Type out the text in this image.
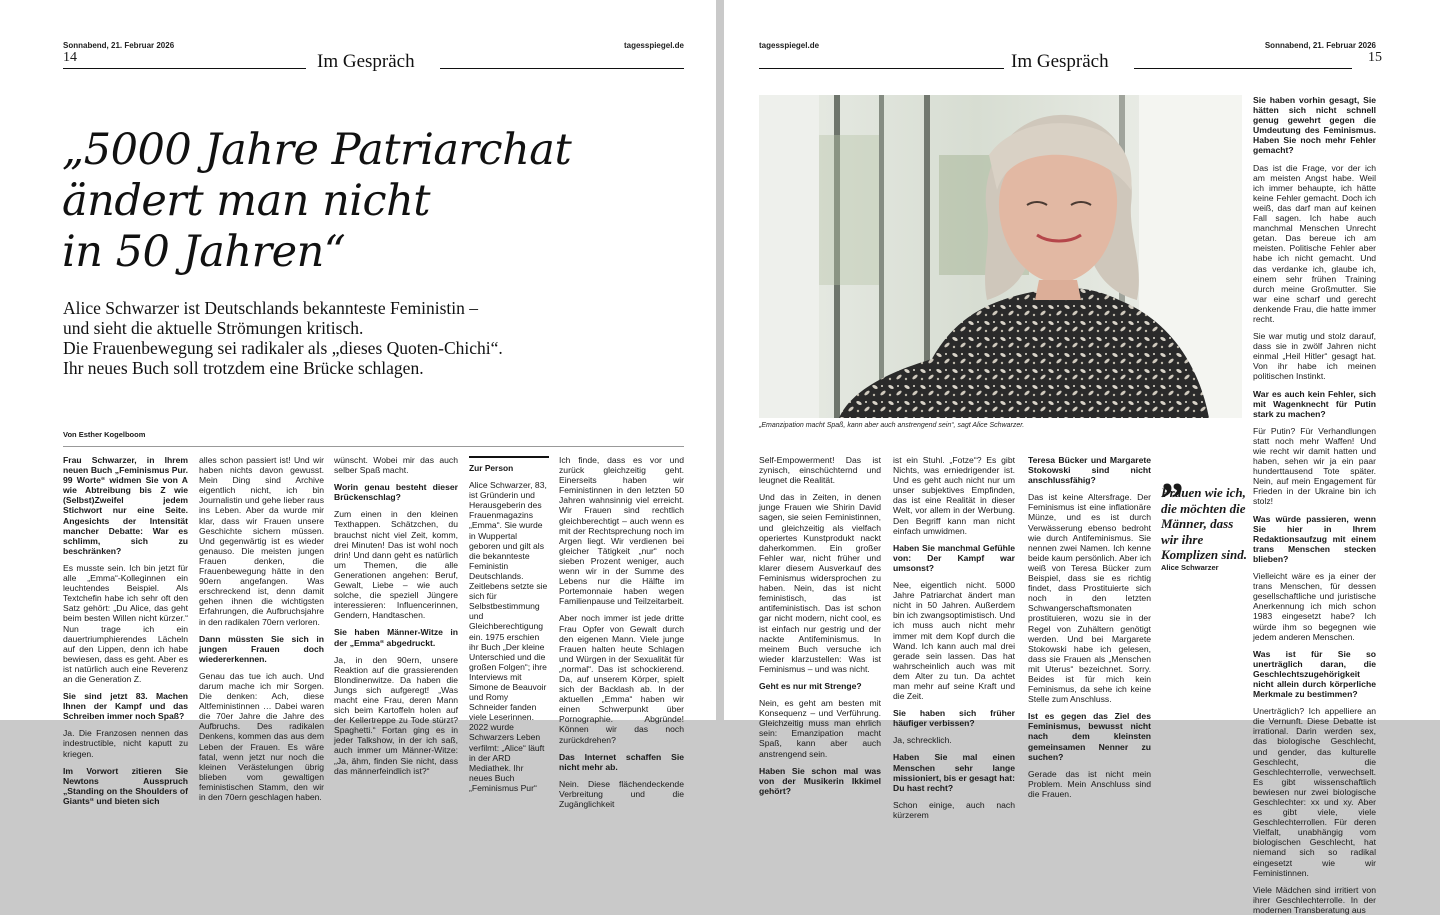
Sonnabend, 21. Februar 2026	tagesspiegel.de
14	Im Gespräch
„5000 Jahre Patriarchat
ändert man nicht
in 50 Jahren“
Alice Schwarzer ist Deutschlands bekannteste Feministin –
und sieht die aktuelle Strömungen kritisch.
Die Frauenbewegung sei radikaler als „dieses Quoten-Chichi“.
Ihr neues Buch soll trotzdem eine Brücke schlagen.
Von Esther Kogelboom

Frau Schwarzer, in Ihrem neuen Buch „Feminismus Pur. 99 Worte“ widmen Sie von A wie Abtreibung bis Z wie (Selbst)Zweifel jedem Stichwort nur eine Seite. Angesichts der Intensität mancher Debatte: War es schlimm, sich zu beschränken?

Es musste sein. Ich bin jetzt für alle „Emma“-Kolleginnen ein leuchtendes Beispiel. Als Textchefin habe ich sehr oft den Satz gehört: „Du Alice, das geht beim besten Willen nicht kürzer.“ Nun trage ich ein dauertriumphierendes Lächeln auf den Lippen, denn ich habe bewiesen, dass es geht. Aber es ist natürlich auch eine Reverenz an die Generation Z.

Sie sind jetzt 83. Machen Ihnen der Kampf und das Schreiben immer noch Spaß?

Ja. Die Franzosen nennen das indestructible, nicht kaputt zu kriegen.

Im Vorwort zitieren Sie Newtons Ausspruch „Standing on the Shoulders of Giants“ und bieten sich

alles schon passiert ist! Und wir haben nichts davon gewusst. Mein Ding sind Archive eigentlich nicht, ich bin Journalistin und gehe lieber raus ins Leben. Aber da wurde mir klar, dass wir Frauen unsere Geschichte sichern müssen. Und gegenwärtig ist es wieder genauso. Die meisten jungen Frauen denken, die Frauenbewegung hätte in den 90ern angefangen. Was erschreckend ist, denn damit gehen ihnen die wichtigsten Erfahrungen, die Aufbruchsjahre in den radikalen 70ern verloren.

Dann müssten Sie sich in jungen Frauen doch wiedererkennen.

Genau das tue ich auch. Und darum mache ich mir Sorgen. Die denken: Ach, diese Altfeministinnen … Dabei waren die 70er Jahre die Jahre des Aufbruchs. Des radikalen Denkens, kommen das aus dem Leben der Frauen. Es wäre fatal, wenn jetzt nur noch die kleinen Verästelungen übrig blieben vom gewaltigen feministischen Stamm, den wir in den 70ern geschlagen haben.

wünscht. Wobei mir das auch selber Spaß macht.

Worin genau besteht dieser Brückenschlag?

Zum einen in den kleinen Texthappen. Schätzchen, du brauchst nicht viel Zeit, komm, drei Minuten! Das ist wohl noch drin! Und dann geht es natürlich um Themen, die alle Generationen angehen: Beruf, Gewalt, Liebe – wie auch solche, die speziell Jüngere interessieren: Influencerinnen, Gendern, Handtaschen.

Sie haben Männer-Witze in der „Emma“ abgedruckt.

Ja, in den 90ern, unsere Reaktion auf die grassierenden Blondinenwitze. Da haben die Jungs sich aufgeregt! „Was macht eine Frau, deren Mann sich beim Kartoffeln holen auf der Kellertreppe zu Tode stürzt? Spaghetti.“ Fortan ging es in jeder Talkshow, in der ich saß, auch immer um Männer-Witze: „Ja, ähm, finden Sie nicht, dass das männerfeindlich ist?“

Zur Person

Alice Schwarzer, 83, ist Gründerin und Herausgeberin des Frauenmagazins „Emma“. Sie wurde in Wuppertal geboren und gilt als die bekannteste Feministin Deutschlands. Zeitlebens setzte sie sich für Selbstbestimmung und Gleichberechtigung ein. 1975 erschien ihr Buch „Der kleine Unterschied und die großen Folgen“; ihre Interviews mit Simone de Beauvoir und Romy Schneider fanden viele Leserinnen. 2022 wurde Schwarzers Leben verfilmt: „Alice“ läuft in der ARD Mediathek. Ihr neues Buch „Feminismus Pur“

Ich finde, dass es vor und zurück gleichzeitig geht. Einerseits haben wir Feministinnen in den letzten 50 Jahren wahnsinnig viel erreicht. Wir Frauen sind rechtlich gleichberechtigt – auch wenn es mit der Rechtsprechung noch im Argen liegt. Wir verdienen bei gleicher Tätigkeit „nur“ noch sieben Prozent weniger, auch wenn wir in der Summe des Lebens nur die Hälfte im Portemonnaie haben wegen Familienpause und Teilzeitarbeit.

Aber noch immer ist jede dritte Frau Opfer von Gewalt durch den eigenen Mann. Viele junge Frauen halten heute Schlagen und Würgen in der Sexualität für „normal“. Das ist schockierend. Da, auf unserem Körper, spielt sich der Backlash ab. In der aktuellen „Emma“ haben wir einen Schwerpunkt über Pornographie. Abgründe! Können wir das noch zurückdrehen?

Das Internet schaffen Sie nicht mehr ab.

Nein. Diese flächendeckende Verbreitung und die Zugänglichkeit

tagesspiegel.de	Sonnabend, 21. Februar 2026
Im Gespräch	15
„Emanzipation macht Spaß, kann aber auch anstrengend sein“, sagt Alice Schwarzer.

Sie haben vorhin gesagt, Sie hätten sich nicht schnell genug gewehrt gegen die Umdeutung des Feminismus. Haben Sie noch mehr Fehler gemacht?

Das ist die Frage, vor der ich am meisten Angst habe. Weil ich immer behaupte, ich hätte keine Fehler gemacht. Doch ich weiß, das darf man auf keinen Fall sagen. Ich habe auch manchmal Menschen Unrecht getan. Das bereue ich am meisten. Politische Fehler aber habe ich nicht gemacht. Und das verdanke ich, glaube ich, einem sehr frühen Training durch meine Großmutter. Sie war eine scharf und gerecht denkende Frau, die hatte immer recht.

Sie war mutig und stolz darauf, dass sie in zwölf Jahren nicht einmal „Heil Hitler“ gesagt hat. Von ihr habe ich meinen politischen Instinkt.

War es auch kein Fehler, sich mit Wagenknecht für Putin stark zu machen?

Für Putin? Für Verhandlungen statt noch mehr Waffen! Und wie recht wir damit hatten und haben, sehen wir ja ein paar hunderttausend Tote später. Nein, auf mein Engagement für Frieden in der Ukraine bin ich stolz!

Was würde passieren, wenn Sie hier in Ihrem Redaktionsaufzug mit einem trans Menschen stecken blieben?

Vielleicht wäre es ja einer der trans Menschen, für dessen gesellschaftliche und juristische Anerkennung ich mich schon 1983 eingesetzt habe? Ich würde ihm so begegnen wie jedem anderen Menschen.

Was ist für Sie so unerträglich daran, die Geschlechtszugehörigkeit nicht allein durch körperliche Merkmale zu bestimmen?

Unerträglich? Ich appelliere an die Vernunft. Diese Debatte ist irrational. Darin werden sex, das biologische Geschlecht, und gender, das kulturelle Geschlecht, die Geschlechterrolle, verwechselt. Es gibt wissenschaftlich bewiesen nur zwei biologische Geschlechter: xx und xy. Aber es gibt viele, viele Geschlechterrollen. Für deren Vielfalt, unabhängig vom biologischen Geschlecht, hat niemand sich so radikal eingesetzt wie wir Feministinnen.

Viele Mädchen sind irritiert von ihrer Geschlechterrolle. In der modernen Transberatung aus

Self-Empowerment! Das ist zynisch, einschüchternd und leugnet die Realität.

Und das in Zeiten, in denen junge Frauen wie Shirin David sagen, sie seien Feministinnen, und gleichzeitig als vielfach operiertes Kunstprodukt nackt daherkommen. Ein großer Fehler war, nicht früher und klarer diesem Ausverkauf des Feminismus widersprochen zu haben. Nein, das ist nicht feministisch, das ist antifeministisch. Das ist schon gar nicht modern, nicht cool, es ist einfach nur gestrig und der nackte Antifeminismus. In meinem Buch versuche ich wieder klarzustellen: Was ist Feminismus – und was nicht.

Geht es nur mit Strenge?

Nein, es geht am besten mit Konsequenz – und Verführung. Gleichzeitig muss man ehrlich sein: Emanzipation macht Spaß, kann aber auch anstrengend sein.

Haben Sie schon mal was von der Musikerin Ikkimel gehört?

ist ein Stuhl. „Fotze“? Es gibt Nichts, was erniedrigender ist. Und es geht auch nicht nur um unser subjektives Empfinden, das ist eine Realität in dieser Welt, vor allem in der Werbung. Den Begriff kann man nicht einfach umwidmen.

Haben Sie manchmal Gefühle von: Der Kampf war umsonst?

Nee, eigentlich nicht. 5000 Jahre Patriarchat ändert man nicht in 50 Jahren. Außerdem bin ich zwangsoptimistisch. Und ich muss auch nicht mehr immer mit dem Kopf durch die Wand. Ich kann auch mal drei gerade sein lassen. Das hat wahrscheinlich auch was mit dem Alter zu tun. Da achtet man mehr auf seine Kraft und die Zeit.

Sie haben sich früher häufiger verbissen?

Ja, schrecklich.

Haben Sie mal einen Menschen sehr lange missioniert, bis er gesagt hat: Du hast recht?

Schon einige, auch nach kürzerem

Teresa Bücker und Margarete Stokowski sind nicht anschlussfähig?

Das ist keine Altersfrage. Der Feminismus ist eine inflationäre Münze, und es ist durch Verwässerung ebenso bedroht wie durch Antifeminismus. Sie nennen zwei Namen. Ich kenne beide kaum persönlich. Aber ich weiß von Teresa Bücker zum Beispiel, dass sie es richtig findet, dass Prostituierte sich noch in den letzten Schwangerschaftsmonaten prostituieren, wozu sie in der Regel von Zuhältern genötigt werden. Und bei Margarete Stokowski habe ich gelesen, dass sie Frauen als „Menschen mit Uterus“ bezeichnet. Sorry. Beides ist für mich kein Feminismus, da sehe ich keine Stelle zum Anschluss.

Ist es gegen das Ziel des Feminismus, bewusst nicht nach dem kleinsten gemeinsamen Nenner zu suchen?

Gerade das ist nicht mein Problem. Mein Anschluss sind die Frauen.

„
Frauen wie ich, die möchten die Männer, dass wir ihre Komplizen sind.
Alice Schwarzer
